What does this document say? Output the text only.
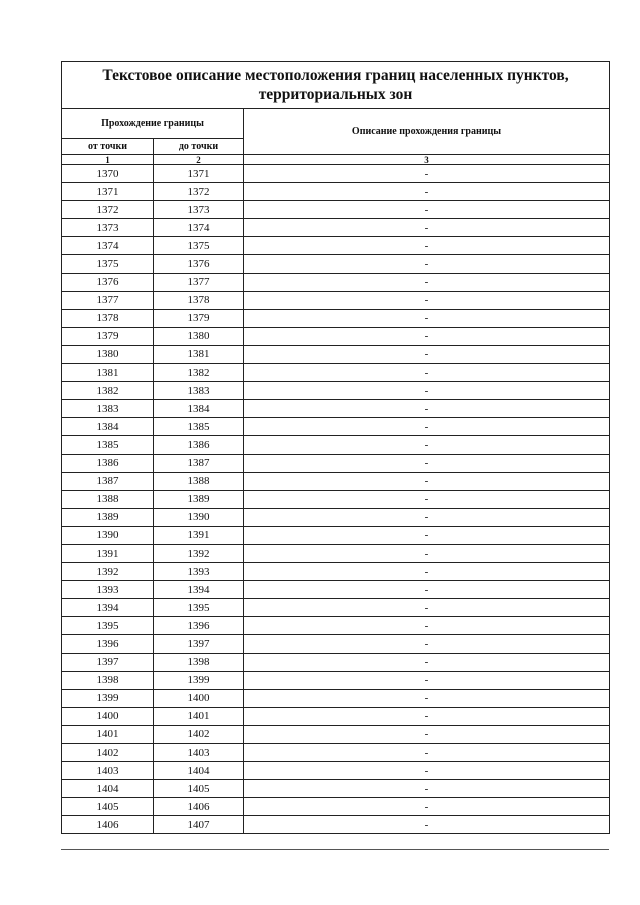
Текстовое описание местоположения границ населенных пунктов,
территориальных зон		
Прохождение границы		Описание прохождения границы
от точки	до точки	
1	2	3
1370	1371	-
1371	1372	-
1372	1373	-
1373	1374	-
1374	1375	-
1375	1376	-
1376	1377	-
1377	1378	-
1378	1379	-
1379	1380	-
1380	1381	-
1381	1382	-
1382	1383	-
1383	1384	-
1384	1385	-
1385	1386	-
1386	1387	-
1387	1388	-
1388	1389	-
1389	1390	-
1390	1391	-
1391	1392	-
1392	1393	-
1393	1394	-
1394	1395	-
1395	1396	-
1396	1397	-
1397	1398	-
1398	1399	-
1399	1400	-
1400	1401	-
1401	1402	-
1402	1403	-
1403	1404	-
1404	1405	-
1405	1406	-
1406	1407	-
